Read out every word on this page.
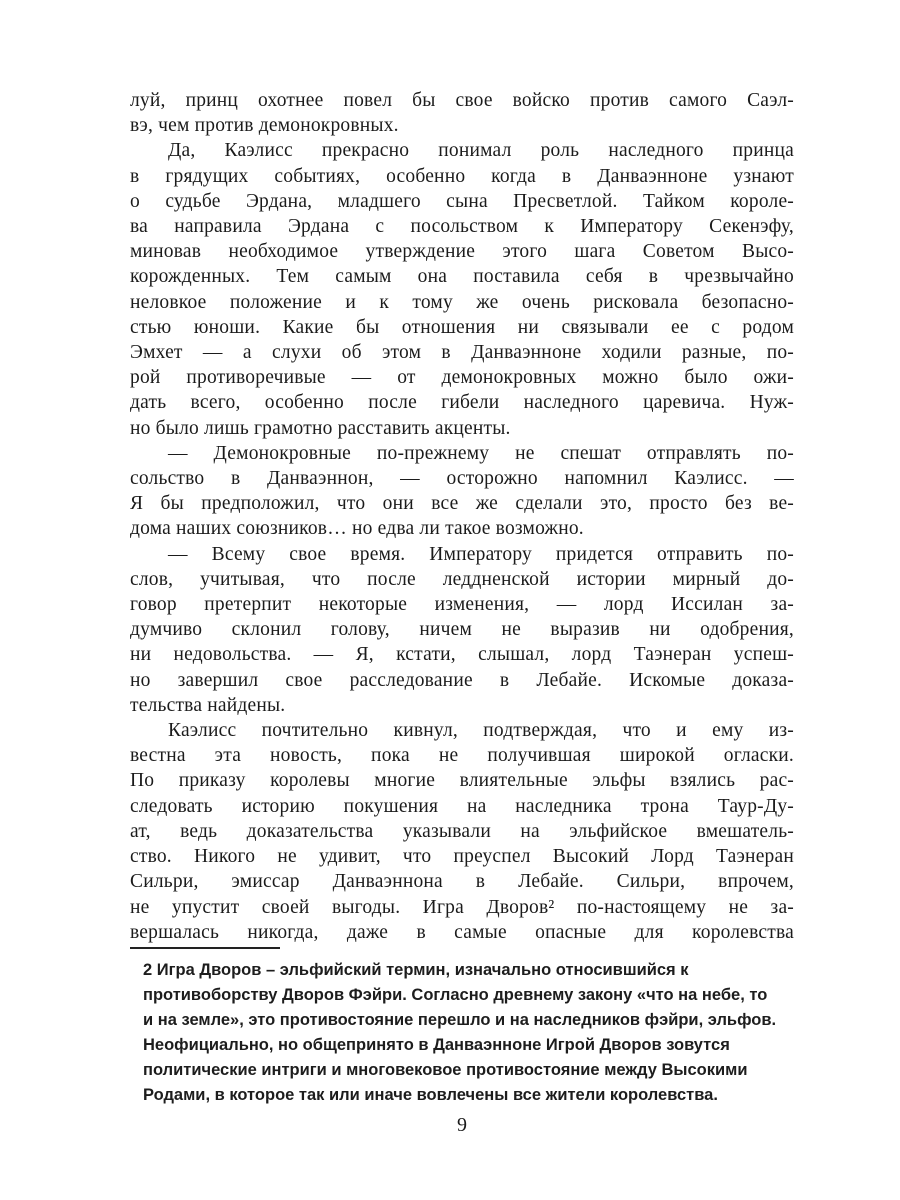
луй, принц охотнее повел бы свое войско против самого Саэл-
вэ, чем против демонокровных.
Да, Каэлисс прекрасно понимал роль наследного принца
в грядущих событиях, особенно когда в Данваэнноне узнают
о судьбе Эрдана, младшего сына Пресветлой. Тайком короле-
ва направила Эрдана с посольством к Императору Секенэфу,
миновав необходимое утверждение этого шага Советом Высо-
корожденных. Тем самым она поставила себя в чрезвычайно
неловкое положение и к тому же очень рисковала безопасно-
стью юноши. Какие бы отношения ни связывали ее с родом
Эмхет — а слухи об этом в Данваэнноне ходили разные, по-
рой противоречивые — от демонокровных можно было ожи-
дать всего, особенно после гибели наследного царевича. Нуж-
но было лишь грамотно расставить акценты.
— Демонокровные по-прежнему не спешат отправлять по-
сольство в Данваэннон, — осторожно напомнил Каэлисс. —
Я бы предположил, что они все же сделали это, просто без ве-
дома наших союзников… но едва ли такое возможно.
— Всему свое время. Императору придется отправить по-
слов, учитывая, что после леддненской истории мирный до-
говор претерпит некоторые изменения, — лорд Иссилан за-
думчиво склонил голову, ничем не выразив ни одобрения,
ни недовольства. — Я, кстати, слышал, лорд Таэнеран успеш-
но завершил свое расследование в Лебайе. Искомые доказа-
тельства найдены.
Каэлисс почтительно кивнул, подтверждая, что и ему из-
вестна эта новость, пока не получившая широкой огласки.
По приказу королевы многие влиятельные эльфы взялись рас-
следовать историю покушения на наследника трона Таур-Ду-
ат, ведь доказательства указывали на эльфийское вмешатель-
ство. Никого не удивит, что преуспел Высокий Лорд Таэнеран
Сильри, эмиссар Данваэннона в Лебайе. Сильри, впрочем,
не упустит своей выгоды. Игра Дворов² по-настоящему не за-
вершалась никогда, даже в самые опасные для королевства
2 Игра Дворов – эльфийский термин, изначально относившийся к
противоборству Дворов Фэйри. Согласно древнему закону «что на небе, то
и на земле», это противостояние перешло и на наследников фэйри, эльфов.
Неофициально, но общепринято в Данваэнноне Игрой Дворов зовутся
политические интриги и многовековое противостояние между Высокими
Родами, в которое так или иначе вовлечены все жители королевства.
9
